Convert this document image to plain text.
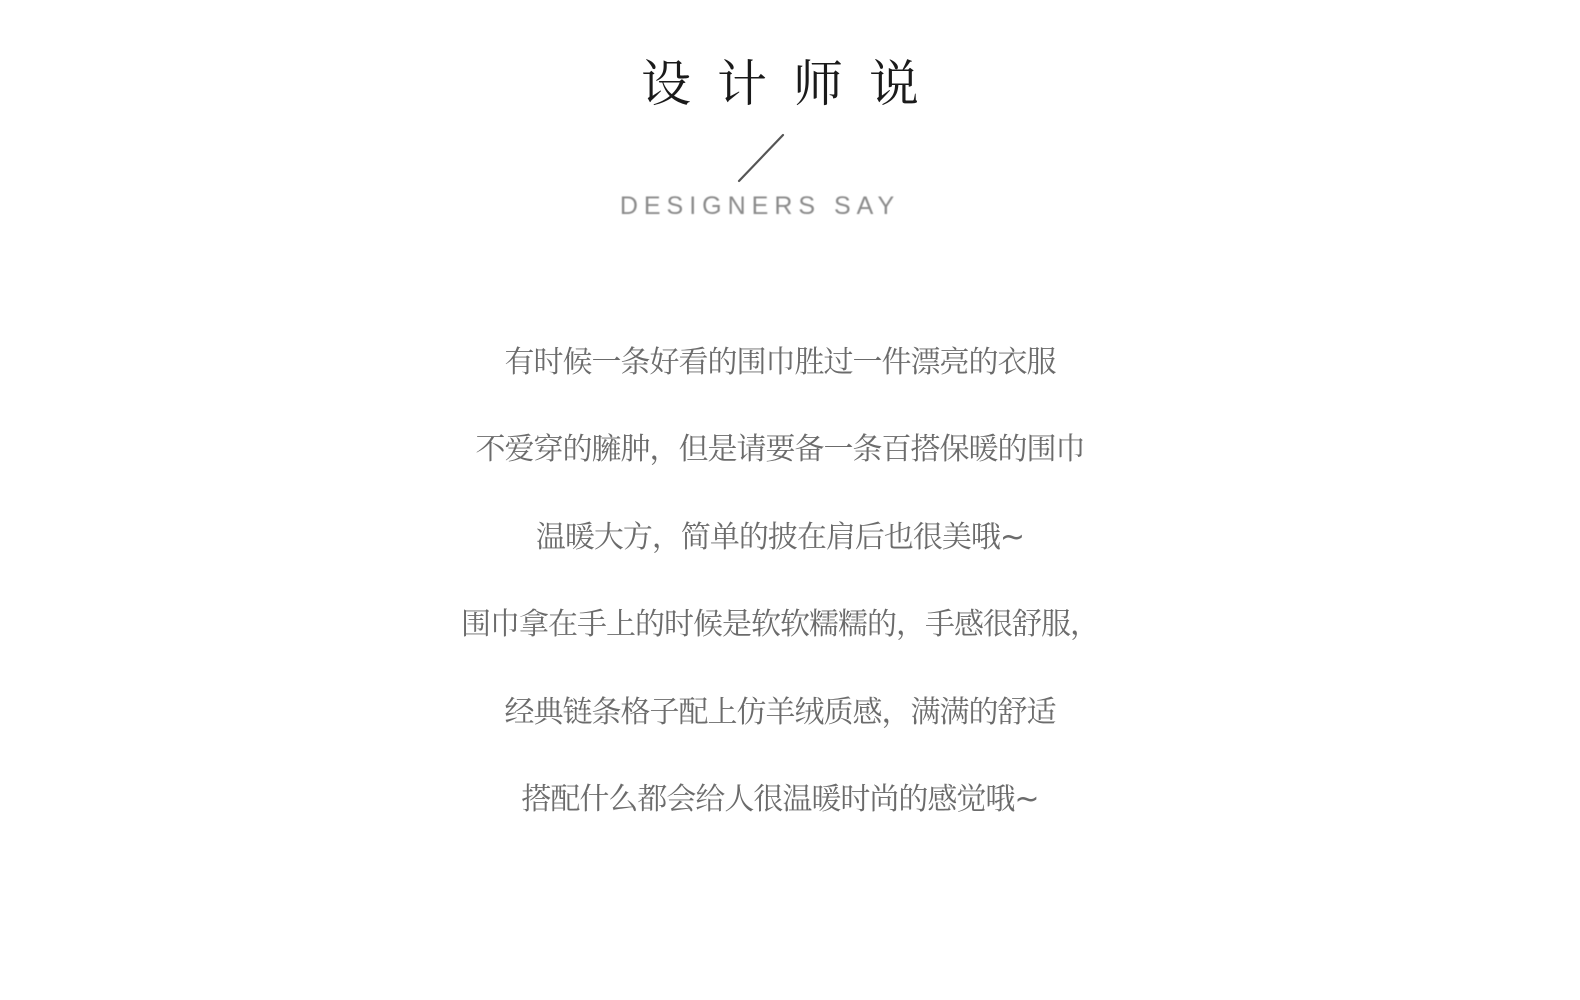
设计师说
DESIGNERS SAY
有时候一条好看的围巾胜过一件漂亮的衣服
不爱穿的臃肿，但是请要备一条百搭保暖的围巾
温暖大方，简单的披在肩后也很美哦~
围巾拿在手上的时候是软软糯糯的，手感很舒服，
经典链条格子配上仿羊绒质感，满满的舒适
搭配什么都会给人很温暖时尚的感觉哦~
